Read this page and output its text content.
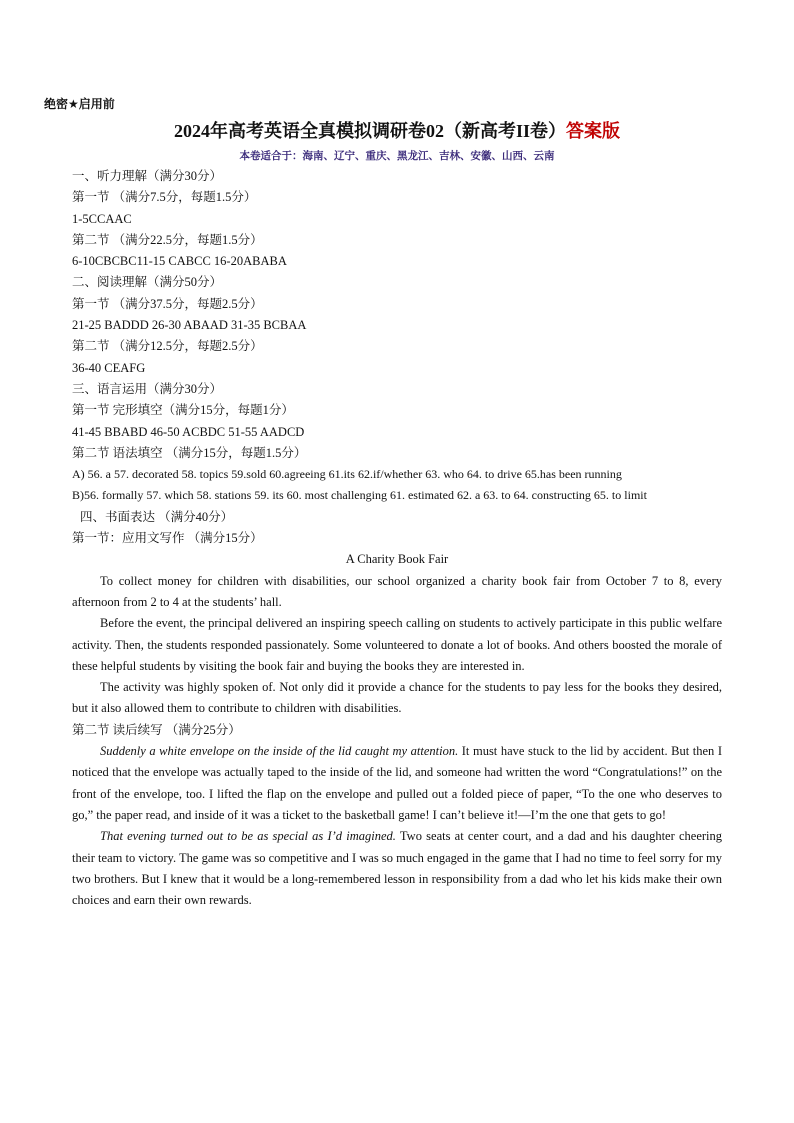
绝密★启用前
2024年高考英语全真模拟调研卷02（新高考II卷）答案版
本卷适合于：海南、辽宁、重庆、黑龙江、吉林、安徽、山西、云南

一、听力理解（满分30分）

第一节 （满分7.5分，每题1.5分）

1-5CCAAC

第二节 （满分22.5分，每题1.5分）

6-10CBCBC11-15 CABCC 16-20ABABA

二、阅读理解（满分50分）

第一节 （满分37.5分，每题2.5分）

21-25 BADDD 26-30 ABAAD 31-35 BCBAA

第二节 （满分12.5分，每题2.5分）

36-40 CEAFG

三、语言运用（满分30分）

第一节 完形填空（满分15分，每题1分）

41-45 BBABD 46-50 ACBDC 51-55 AADCD

第二节 语法填空 （满分15分，每题1.5分）

A) 56. a 57. decorated 58. topics 59.sold 60.agreeing 61.its 62.if/whether 63. who 64. to drive 65.has been running

B)56. formally 57. which 58. stations 59. its 60. most challenging 61. estimated 62. a 63. to 64. constructing 65. to limit

四、书面表达 （满分40分）

第一节：应用文写作 （满分15分）

A Charity Book Fair

To collect money for children with disabilities, our school organized a charity book fair from October 7 to 8, every afternoon from 2 to 4 at the students’ hall.

Before the event, the principal delivered an inspiring speech calling on students to actively participate in this public welfare activity. Then, the students responded passionately. Some volunteered to donate a lot of books. And others boosted the morale of these helpful students by visiting the book fair and buying the books they are interested in.

The activity was highly spoken of. Not only did it provide a chance for the students to pay less for the books they desired, but it also allowed them to contribute to children with disabilities.

第二节 读后续写 （满分25分）

Suddenly a white envelope on the inside of the lid caught my attention. It must have stuck to the lid by accident. But then I noticed that the envelope was actually taped to the inside of the lid, and someone had written the word “Congratulations!” on the front of the envelope, too. I lifted the flap on the envelope and pulled out a folded piece of paper, “To the one who deserves to go,” the paper read, and inside of it was a ticket to the basketball game! I can’t believe it!—I’m the one that gets to go!

That evening turned out to be as special as I’d imagined. Two seats at center court, and a dad and his daughter cheering their team to victory. The game was so competitive and I was so much engaged in the game that I had no time to feel sorry for my two brothers. But I knew that it would be a long-remembered lesson in responsibility from a dad who let his kids make their own choices and earn their own rewards.
